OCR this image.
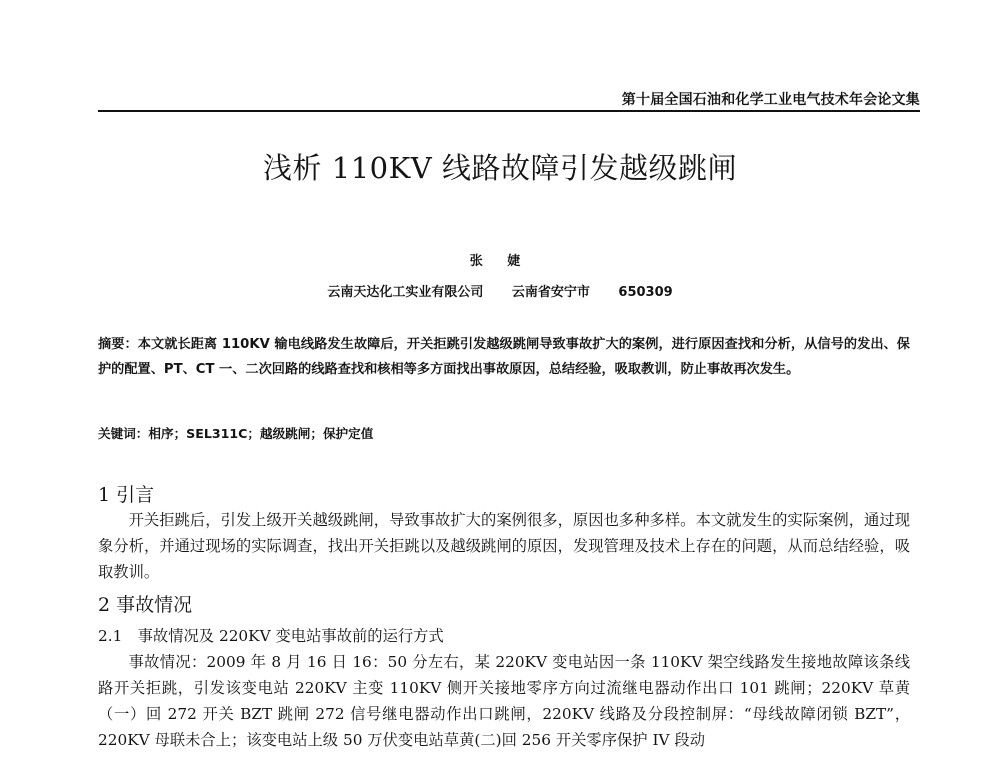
第十届全国石油和化学工业电气技术年会论文集
浅析 110KV 线路故障引发越级跳闸
张 婕
云南天达化工实业有限公司 云南省安宁市 650309
摘要：本文就长距离 110KV 输电线路发生故障后，开关拒跳引发越级跳闸导致事故扩大的案例，进行原因查找和分析，从信号的发出、保护的配置、PT、CT 一、二次回路的线路查找和核相等多方面找出事故原因，总结经验，吸取教训，防止事故再次发生。
关键词：相序；SEL311C；越级跳闸；保护定值
1 引言
开关拒跳后，引发上级开关越级跳闸，导致事故扩大的案例很多，原因也多种多样。本文就发生的实际案例，通过现象分析，并通过现场的实际调查，找出开关拒跳以及越级跳闸的原因，发现管理及技术上存在的问题，从而总结经验，吸取教训。
2 事故情况
2.1　事故情况及 220KV 变电站事故前的运行方式
事故情况：2009 年 8 月 16 日 16：50 分左右，某 220KV 变电站因一条 110KV 架空线路发生接地故障该条线路开关拒跳，引发该变电站 220KV 主变 110KV 侧开关接地零序方向过流继电器动作出口 101 跳闸；220KV 草黄（一）回 272 开关 BZT 跳闸 272 信号继电器动作出口跳闸，220KV 线路及分段控制屏：“母线故障闭锁 BZT”，220KV 母联未合上；该变电站上级 50 万伏变电站草黄(二)回 256 开关零序保护 IV 段动
